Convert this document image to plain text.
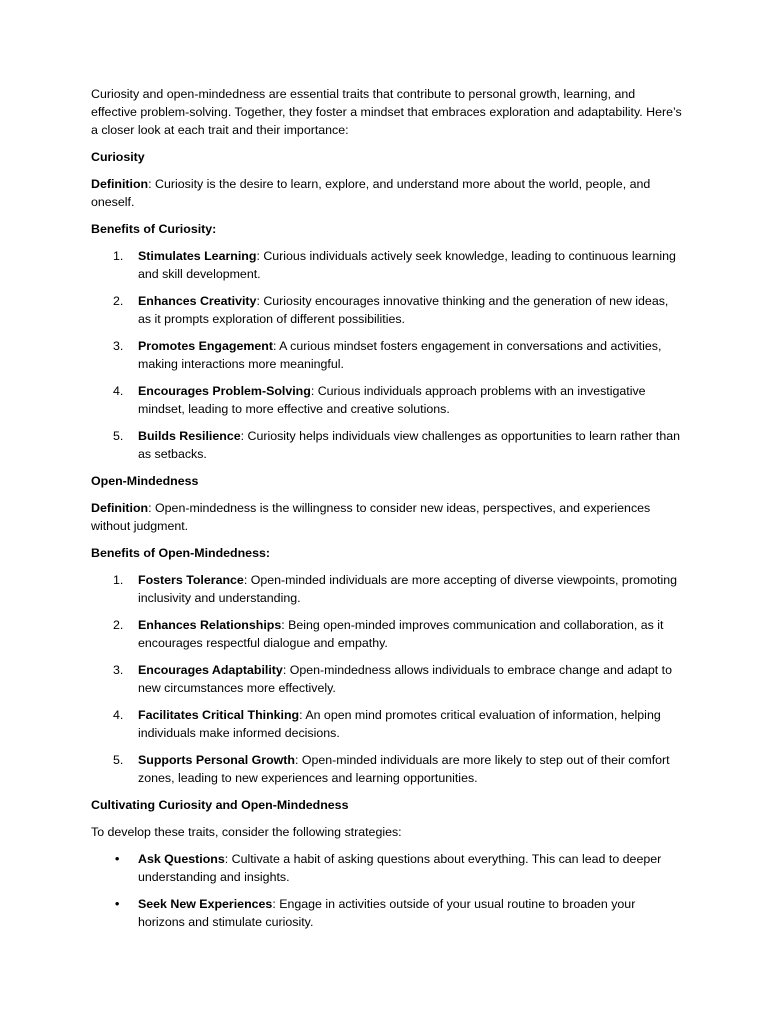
Curiosity and open-mindedness are essential traits that contribute to personal growth, learning, and effective problem-solving. Together, they foster a mindset that embraces exploration and adaptability. Here’s a closer look at each trait and their importance:

Curiosity

Definition: Curiosity is the desire to learn, explore, and understand more about the world, people, and oneself.

Benefits of Curiosity:

1. Stimulates Learning: Curious individuals actively seek knowledge, leading to continuous learning and skill development.
2. Enhances Creativity: Curiosity encourages innovative thinking and the generation of new ideas, as it prompts exploration of different possibilities.
3. Promotes Engagement: A curious mindset fosters engagement in conversations and activities, making interactions more meaningful.
4. Encourages Problem-Solving: Curious individuals approach problems with an investigative mindset, leading to more effective and creative solutions.
5. Builds Resilience: Curiosity helps individuals view challenges as opportunities to learn rather than as setbacks.

Open-Mindedness

Definition: Open-mindedness is the willingness to consider new ideas, perspectives, and experiences without judgment.

Benefits of Open-Mindedness:

1. Fosters Tolerance: Open-minded individuals are more accepting of diverse viewpoints, promoting inclusivity and understanding.
2. Enhances Relationships: Being open-minded improves communication and collaboration, as it encourages respectful dialogue and empathy.
3. Encourages Adaptability: Open-mindedness allows individuals to embrace change and adapt to new circumstances more effectively.
4. Facilitates Critical Thinking: An open mind promotes critical evaluation of information, helping individuals make informed decisions.
5. Supports Personal Growth: Open-minded individuals are more likely to step out of their comfort zones, leading to new experiences and learning opportunities.

Cultivating Curiosity and Open-Mindedness

To develop these traits, consider the following strategies:

• Ask Questions: Cultivate a habit of asking questions about everything. This can lead to deeper understanding and insights.
• Seek New Experiences: Engage in activities outside of your usual routine to broaden your horizons and stimulate curiosity.
